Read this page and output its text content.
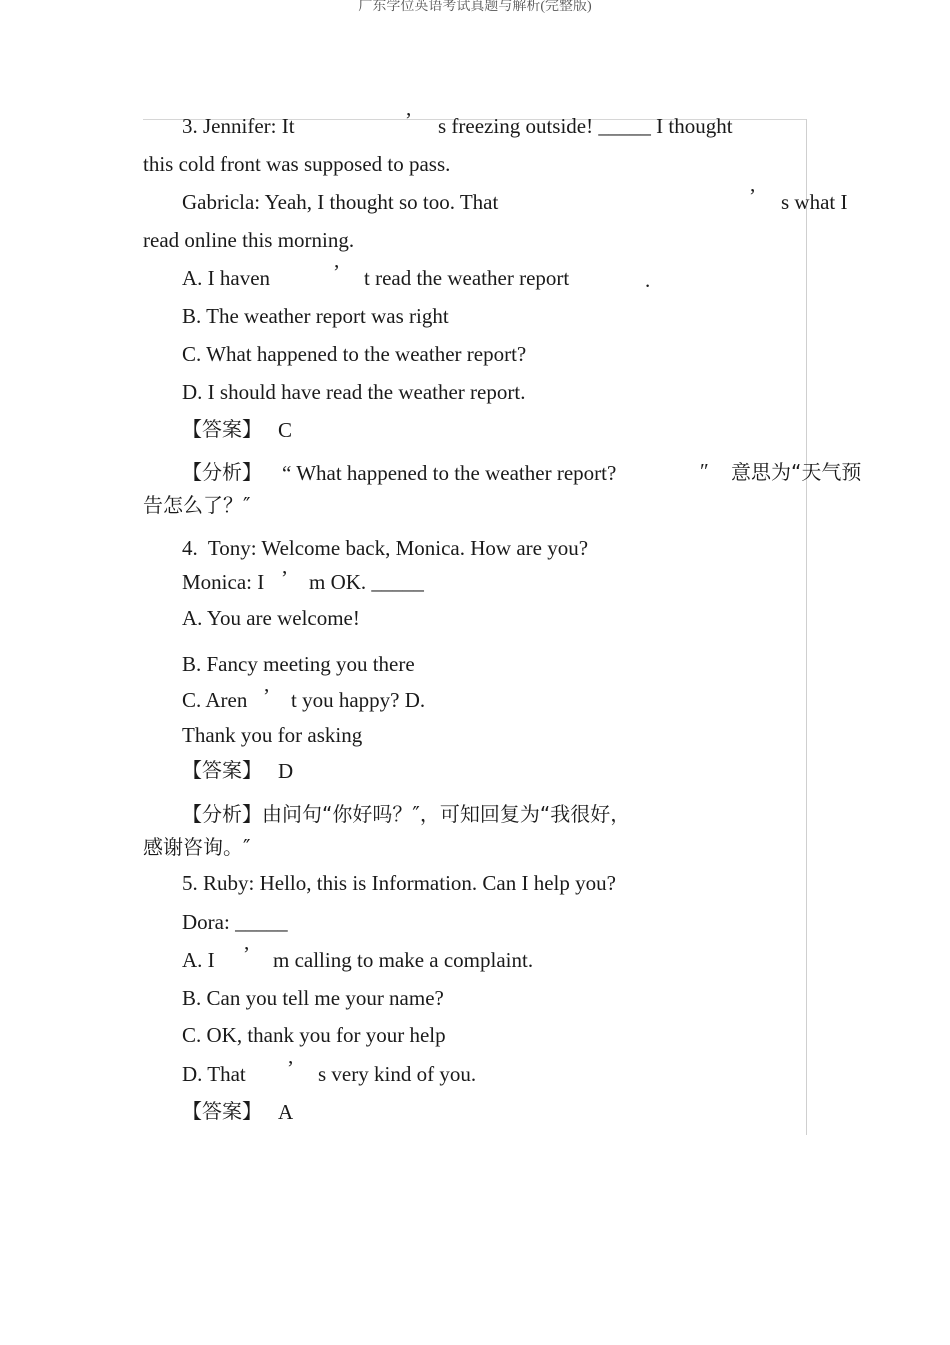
广东学位英语考试真题与解析(完整版)
3. Jennifer: It	’ s freezing outside! _____ I thought
this cold front was supposed to pass.
Gabricla: Yeah, I thought so too. That	’ s what I
read online this morning.
A. I haven	’ t read the weather report	.
B. The weather report was right
C. What happened to the weather report?
D. I should have read the weather report.
【答案】 C
【分析】 “ What happened to the weather report?	″ 意思为“天气预
告怎么了？″
4.  Tony: Welcome back, Monica. How are you?
Monica: I ’ m OK. _____
A. You are welcome!
B. Fancy meeting you there
C. Aren ’ t you happy? D.
Thank you for asking
【答案】 D
【分析】由问句“你好吗？″，可知回复为“我很好，
感谢咨询。″
5. Ruby: Hello, this is Information. Can I help you?
Dora: _____
A. I ’ m calling to make a complaint.
B. Can you tell me your name?
C. OK, thank you for your help
D. That ’ s very kind of you.
【答案】 A
